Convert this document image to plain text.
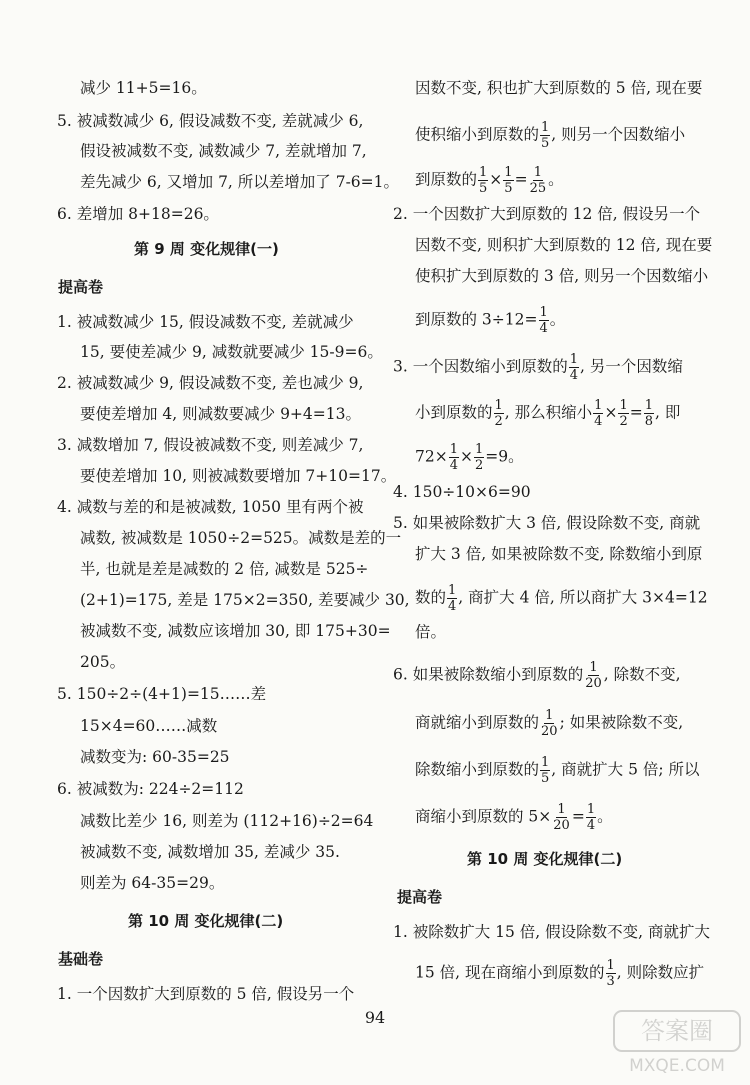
减少 11+5=16。
5. 被减数减少 6, 假设减数不变, 差就减少 6,
假设被减数不变, 减数减少 7, 差就增加 7,
差先减少 6, 又增加 7, 所以差增加了 7-6=1。
6. 差增加 8+18=26。
第 9 周 变化规律(一)
提高卷
1. 被减数减少 15, 假设减数不变, 差就减少
15, 要使差减少 9, 减数就要减少 15-9=6。
2. 被减数减少 9, 假设减数不变, 差也减少 9,
要使差增加 4, 则减数要减少 9+4=13。
3. 减数增加 7, 假设被减数不变, 则差减少 7,
要使差增加 10, 则被减数要增加 7+10=17。
4. 减数与差的和是被减数, 1050 里有两个被
减数, 被减数是 1050÷2=525。减数是差的一
半, 也就是差是减数的 2 倍, 减数是 525÷
(2+1)=175, 差是 175×2=350, 差要减少 30,
被减数不变, 减数应该增加 30, 即 175+30=
205。
5. 150÷2÷(4+1)=15……差
15×4=60……减数
减数变为: 60-35=25
6. 被减数为: 224÷2=112
减数比差少 16, 则差为 (112+16)÷2=64
被减数不变, 减数增加 35, 差减少 35.
则差为 64-35=29。
第 10 周 变化规律(二)
基础卷
1. 一个因数扩大到原数的 5 倍, 假设另一个
因数不变, 积也扩大到原数的 5 倍, 现在要
使积缩小到原数的 $\frac{1}{5}$ , 则另一个因数缩小
到原数的 $\frac{1}{5} \times \frac{1}{5} = \frac{1}{25}$ 。
2. 一个因数扩大到原数的 12 倍, 假设另一个
因数不变, 则积扩大到原数的 12 倍, 现在要
使积扩大到原数的 3 倍, 则另一个因数缩小
到原数的 $3\div 12= \frac{1}{4}$ 。
3. 一个因数缩小到原数的 $\frac{1}{4}$ , 另一个因数缩
小到原数的 $\frac{1}{2}$ , 那么积缩小 $\frac{1}{4} \times \frac{1}{2} = \frac{1}{8}$ , 即
$72\times \frac{1}{4} \times \frac{1}{2} =9$。
4. 150÷10×6=90
5. 如果被除数扩大 3 倍, 假设除数不变, 商就
扩大 3 倍, 如果被除数不变, 除数缩小到原
数的 $\frac{1}{4}$ , 商扩大 4 倍, 所以商扩大 3×4=12
倍。
6. 如果被除数缩小到原数的 $\frac{1}{20}$ , 除数不变,
商就缩小到原数的 $\frac{1}{20}$ ; 如果被除数不变,
除数缩小到原数的 $\frac{1}{5}$ , 商就扩大 5 倍; 所以
商缩小到原数的 $5\times \frac{1}{20} = \frac{1}{4}$ 。
第 10 周 变化规律(二)
提高卷
1. 被除数扩大 15 倍, 假设除数不变, 商就扩大
15 倍, 现在商缩小到原数的 $\frac{1}{3}$ , 则除数应扩
94	答案圈
MXQE.COM
